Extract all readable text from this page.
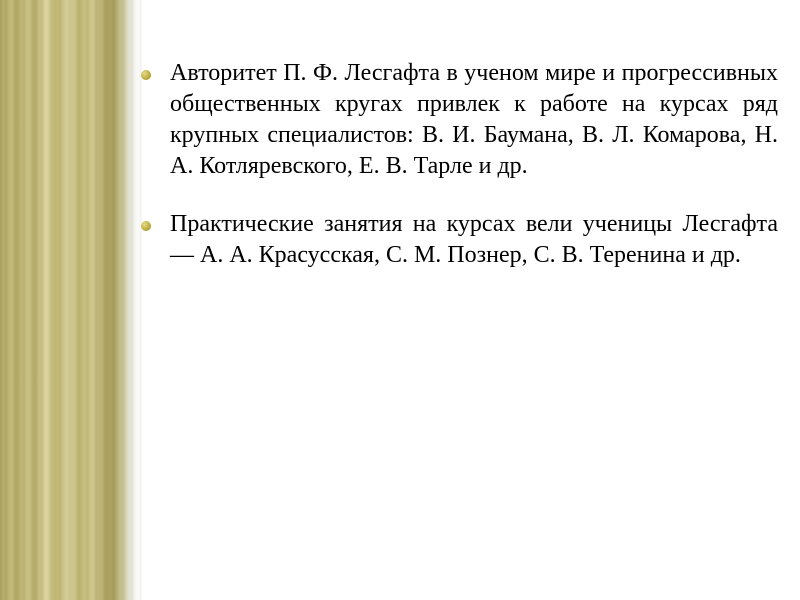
Авторитет П. Ф. Лесгафта в ученом мире и прогрессивных общественных кругах привлек к работе на курсах ряд крупных специалистов: В. И. Баумана, В. Л. Комарова, Н. А. Котляревского, Е. В. Тарле и др.
Практические занятия на курсах вели ученицы Лесгафта — А. А. Красусская, С. М. Познер, С. В. Теренина и др.
